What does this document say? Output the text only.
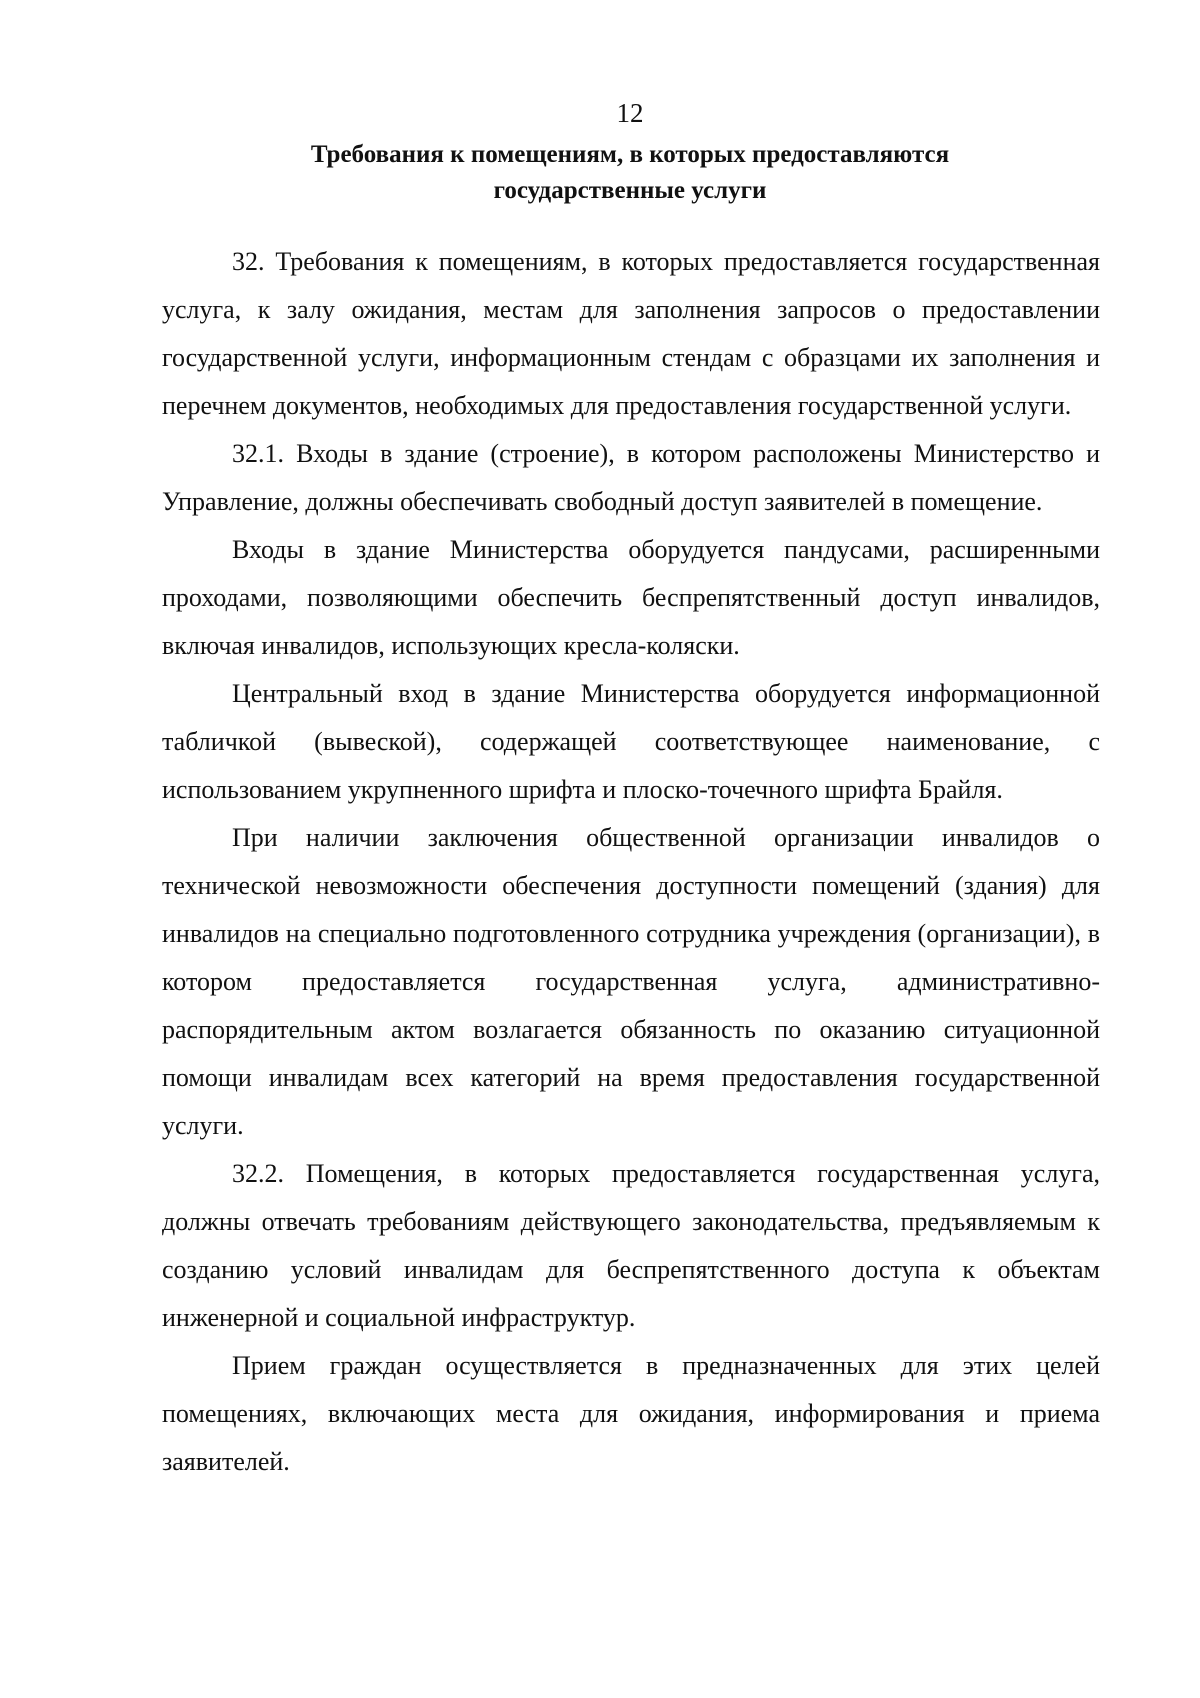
12
Требования к помещениям, в которых предоставляются
государственные услуги

32. Требования к помещениям, в которых предоставляется государственная услуга, к залу ожидания, местам для заполнения запросов о предоставлении государственной услуги, информационным стендам с образцами их заполнения и перечнем документов, необходимых для предоставления государственной услуги.

32.1. Входы в здание (строение), в котором расположены Министерство и Управление, должны обеспечивать свободный доступ заявителей в помещение.

Входы в здание Министерства оборудуется пандусами, расширенными проходами, позволяющими обеспечить беспрепятственный доступ инвалидов, включая инвалидов, использующих кресла-коляски.

Центральный вход в здание Министерства оборудуется информационной табличкой (вывеской), содержащей соответствующее наименование, с использованием укрупненного шрифта и плоско-точечного шрифта Брайля.

При наличии заключения общественной организации инвалидов о технической невозможности обеспечения доступности помещений (здания) для инвалидов на специально подготовленного сотрудника учреждения (организации), в котором предоставляется государственная услуга, административно-распорядительным актом возлагается обязанность по оказанию ситуационной помощи инвалидам всех категорий на время предоставления государственной услуги.

32.2. Помещения, в которых предоставляется государственная услуга, должны отвечать требованиям действующего законодательства, предъявляемым к созданию условий инвалидам для беспрепятственного доступа к объектам инженерной и социальной инфраструктур.

Прием граждан осуществляется в предназначенных для этих целей помещениях, включающих места для ожидания, информирования и приема заявителей.
